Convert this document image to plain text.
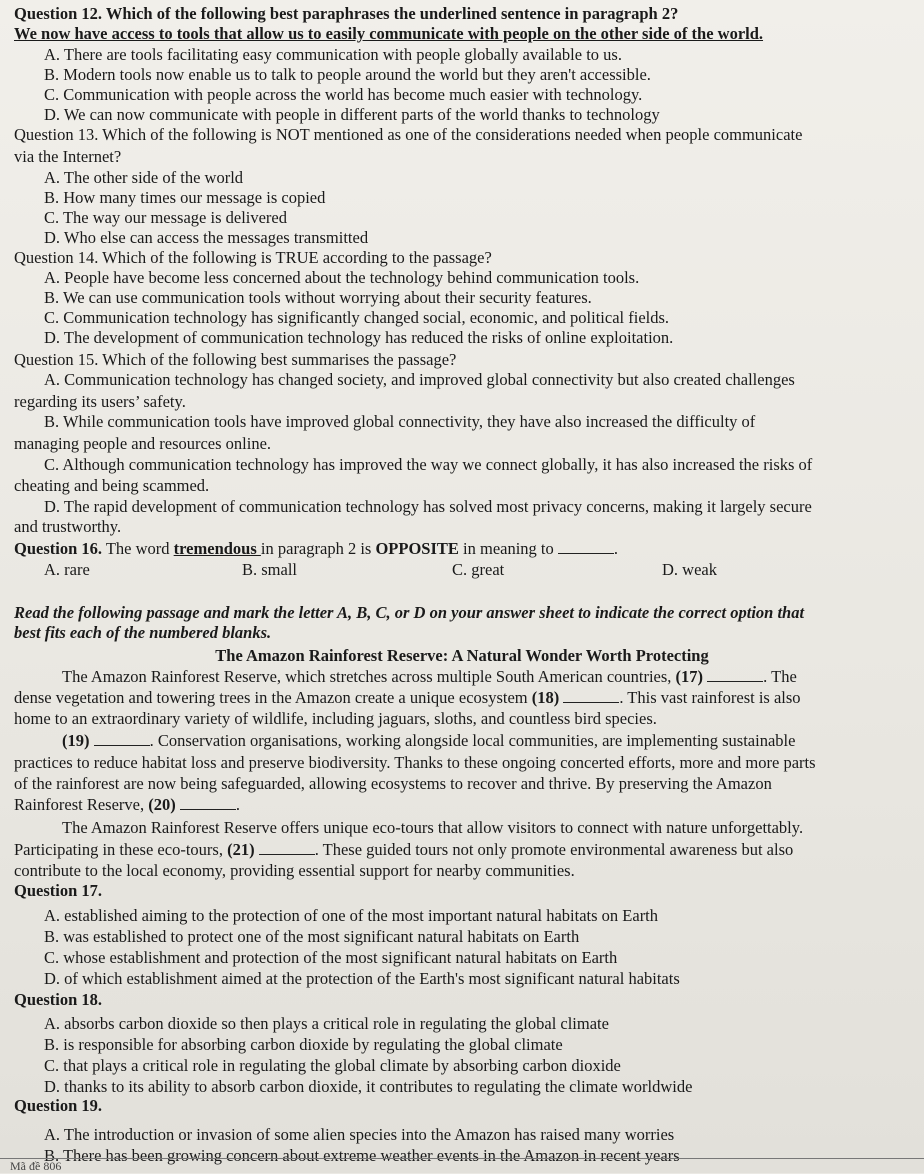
Question 12. Which of the following best paraphrases the underlined sentence in paragraph 2?
We now have access to tools that allow us to easily communicate with people on the other side of the world.
A. There are tools facilitating easy communication with people globally available to us.
B. Modern tools now enable us to talk to people around the world but they aren't accessible.
C. Communication with people across the world has become much easier with technology.
D. We can now communicate with people in different parts of the world thanks to technology
Question 13. Which of the following is NOT mentioned as one of the considerations needed when people communicate
via the Internet?
A. The other side of the world
B. How many times our message is copied
C. The way our message is delivered
D. Who else can access the messages transmitted
Question 14. Which of the following is TRUE according to the passage?
A. People have become less concerned about the technology behind communication tools.
B. We can use communication tools without worrying about their security features.
C. Communication technology has significantly changed social, economic, and political fields.
D. The development of communication technology has reduced the risks of online exploitation.
Question 15. Which of the following best summarises the passage?
A. Communication technology has changed society, and improved global connectivity but also created challenges
regarding its users’ safety.
B. While communication tools have improved global connectivity, they have also increased the difficulty of
managing people and resources online.
C. Although communication technology has improved the way we connect globally, it has also increased the risks of
cheating and being scammed.
D. The rapid development of communication technology has solved most privacy concerns, making it largely secure
and trustworthy.
Question 16. The word tremendous in paragraph 2 is OPPOSITE in meaning to	.
A. rare	B. small	C. great	D. weak
Read the following passage and mark the letter A, B, C, or D on your answer sheet to indicate the correct option that
best fits each of the numbered blanks.
The Amazon Rainforest Reserve: A Natural Wonder Worth Protecting
The Amazon Rainforest Reserve, which stretches across multiple South American countries, (17)	. The
dense vegetation and towering trees in the Amazon create a unique ecosystem (18)	. This vast rainforest is also
home to an extraordinary variety of wildlife, including jaguars, sloths, and countless bird species.
(19)	. Conservation organisations, working alongside local communities, are implementing sustainable
practices to reduce habitat loss and preserve biodiversity. Thanks to these ongoing concerted efforts, more and more parts
of the rainforest are now being safeguarded, allowing ecosystems to recover and thrive. By preserving the Amazon
Rainforest Reserve, (20)	.
The Amazon Rainforest Reserve offers unique eco-tours that allow visitors to connect with nature unforgettably.
Participating in these eco-tours, (21)	. These guided tours not only promote environmental awareness but also
contribute to the local economy, providing essential support for nearby communities.
Question 17.
A. established aiming to the protection of one of the most important natural habitats on Earth
B. was established to protect one of the most significant natural habitats on Earth
C. whose establishment and protection of the most significant natural habitats on Earth
D. of which establishment aimed at the protection of the Earth's most significant natural habitats
Question 18.
A. absorbs carbon dioxide so then plays a critical role in regulating the global climate
B. is responsible for absorbing carbon dioxide by regulating the global climate
C. that plays a critical role in regulating the global climate by absorbing carbon dioxide
D. thanks to its ability to absorb carbon dioxide, it contributes to regulating the climate worldwide
Question 19.
A. The introduction or invasion of some alien species into the Amazon has raised many worries
B. There has been growing concern about extreme weather events in the Amazon in recent years
Mã đề 806
